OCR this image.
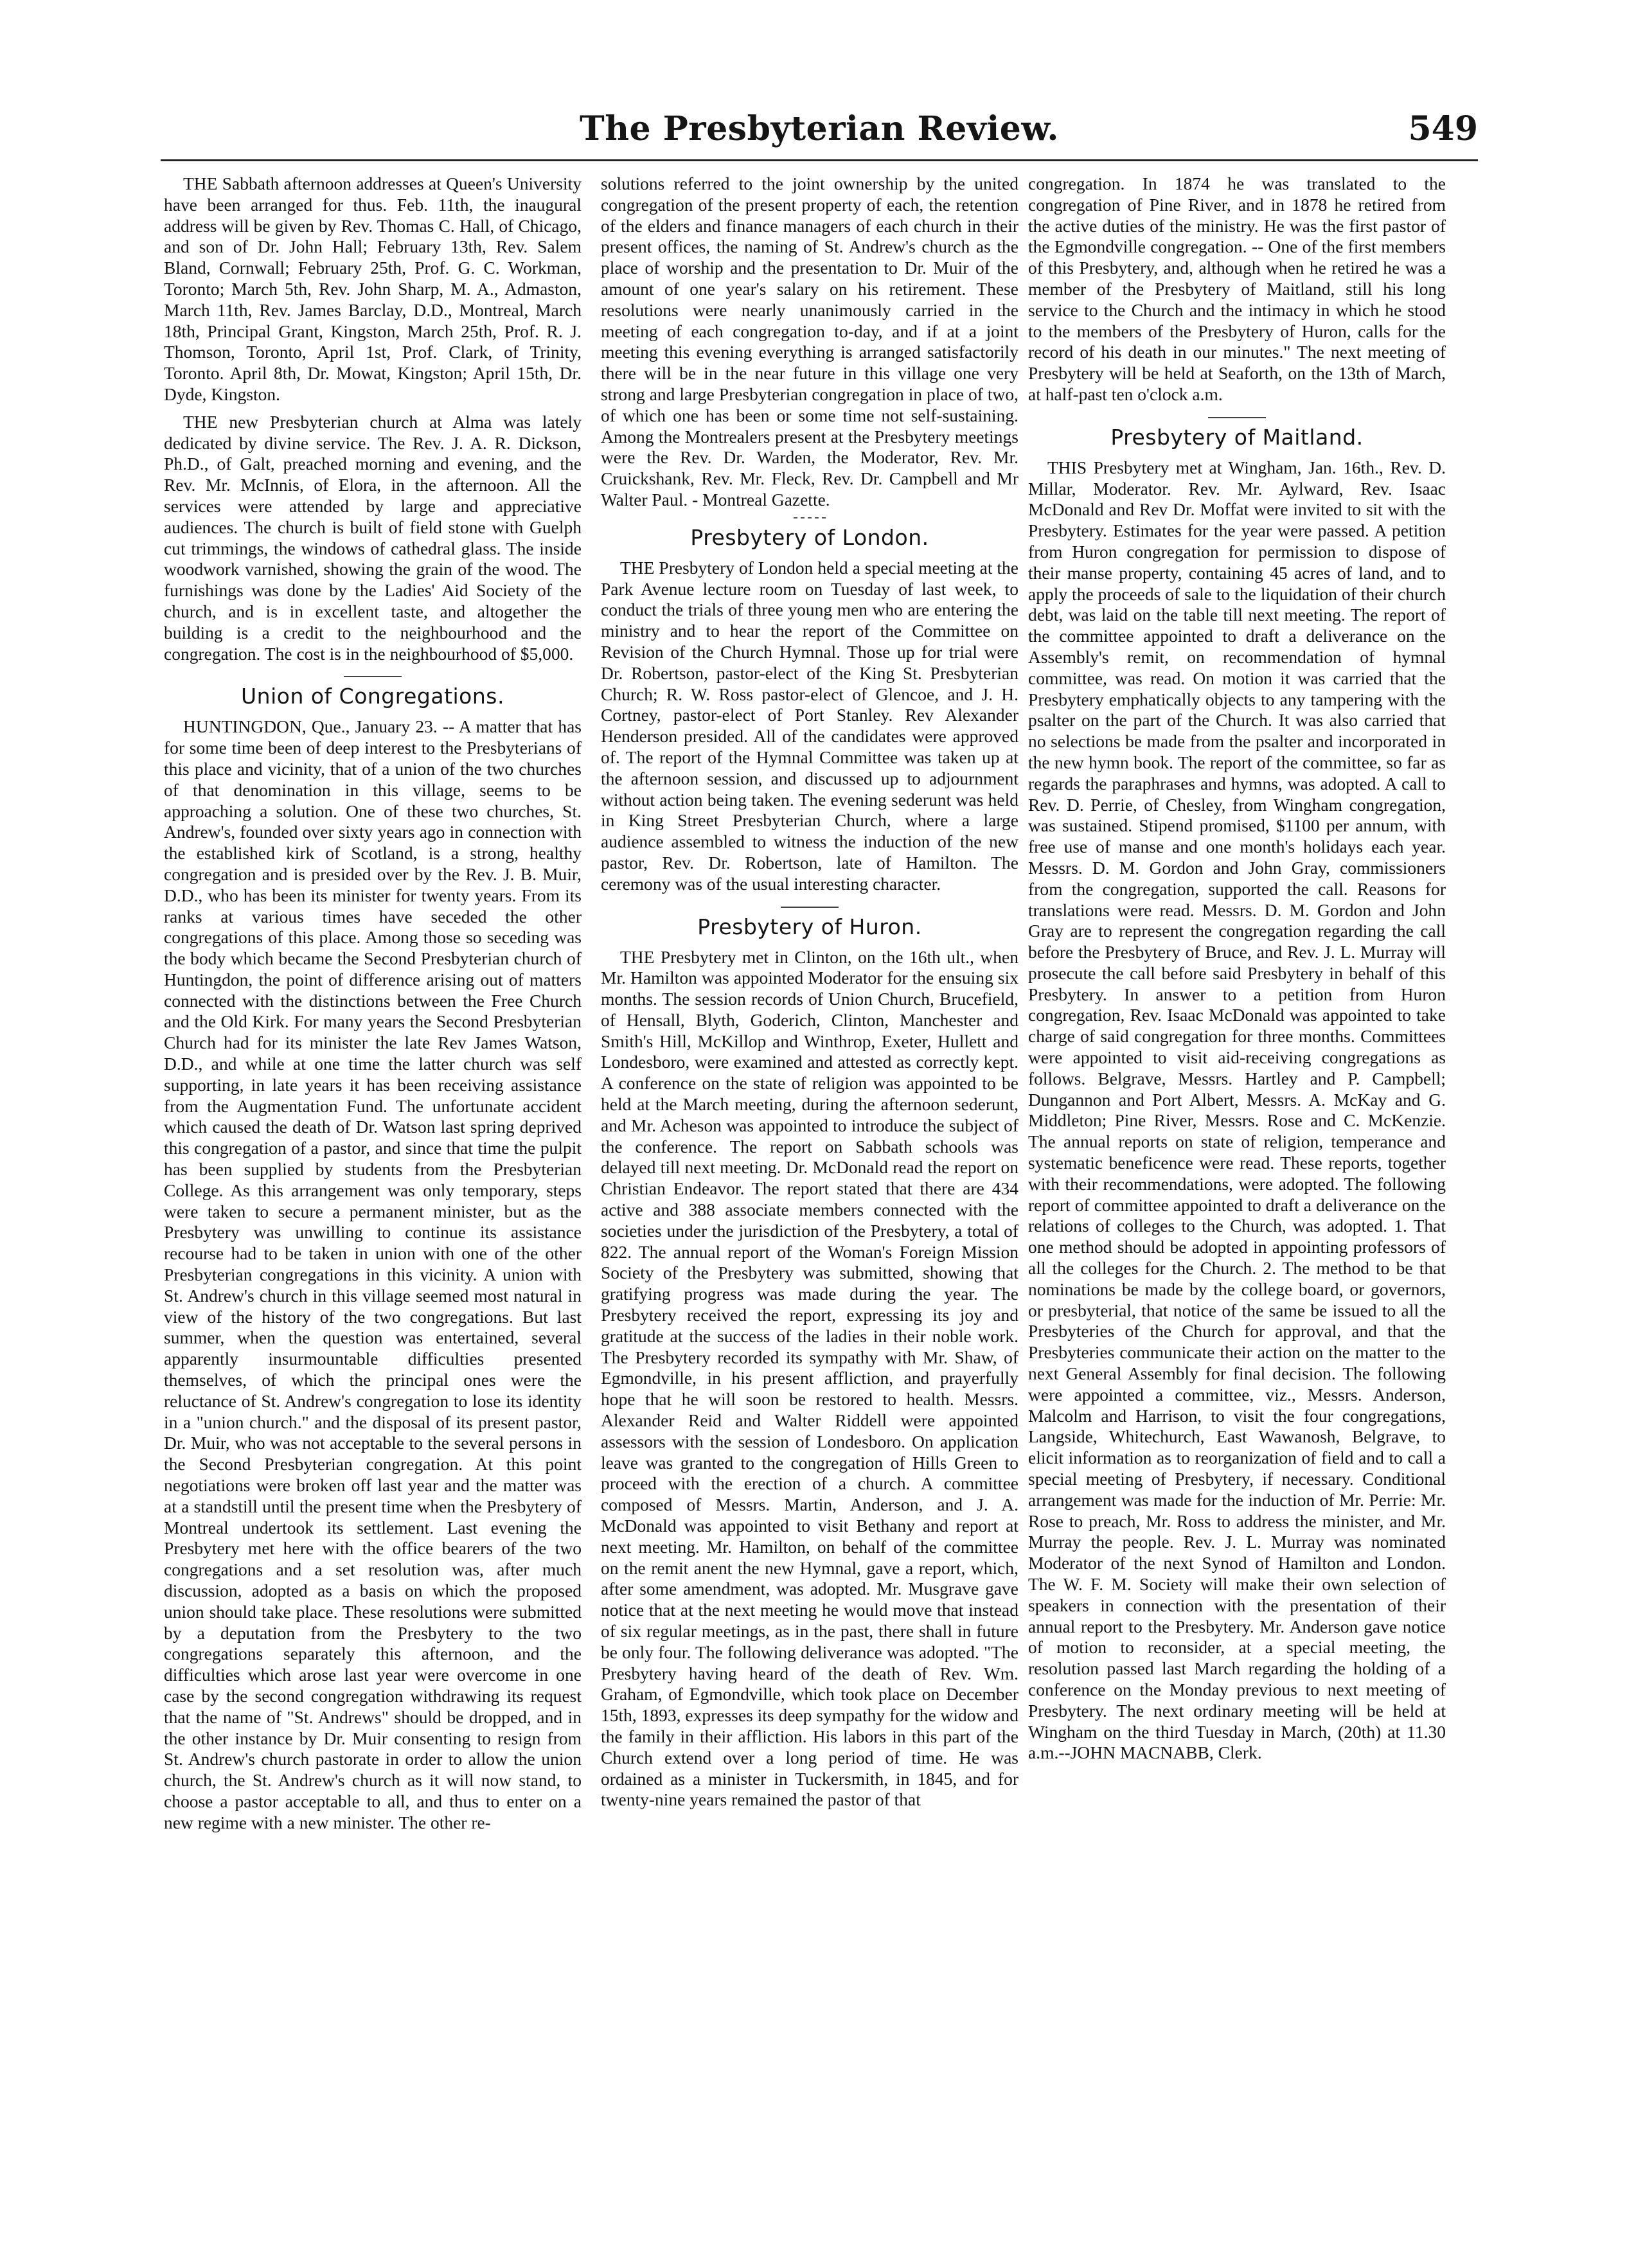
The Presbyterian Review.	549

THE Sabbath afternoon addresses at Queen's University have been arranged for thus. Feb. 11th, the inaugural address will be given by Rev. Thomas C. Hall, of Chicago, and son of Dr. John Hall; February 13th, Rev. Salem Bland, Cornwall; February 25th, Prof. G. C. Workman, Toronto; March 5th, Rev. John Sharp, M. A., Admaston, March 11th, Rev. James Barclay, D.D., Montreal, March 18th, Principal Grant, Kingston, March 25th, Prof. R. J. Thomson, Toronto, April 1st, Prof. Clark, of Trinity, Toronto. April 8th, Dr. Mowat, Kingston; April 15th, Dr. Dyde, Kingston.

THE new Presbyterian church at Alma was lately dedicated by divine service. The Rev. J. A. R. Dickson, Ph.D., of Galt, preached morning and evening, and the Rev. Mr. McInnis, of Elora, in the afternoon. All the services were attended by large and appreciative audiences. The church is built of field stone with Guelph cut trimmings, the windows of cathedral glass. The inside woodwork varnished, showing the grain of the wood. The furnishings was done by the Ladies' Aid Society of the church, and is in excellent taste, and altogether the building is a credit to the neighbourhood and the congregation. The cost is in the neighbourhood of $5,000.

Union of Congregations.

HUNTINGDON, Que., January 23. -- A matter that has for some time been of deep interest to the Presbyterians of this place and vicinity, that of a union of the two churches of that denomination in this village, seems to be approaching a solution. One of these two churches, St. Andrew's, founded over sixty years ago in connection with the established kirk of Scotland, is a strong, healthy congregation and is presided over by the Rev. J. B. Muir, D.D., who has been its minister for twenty years. From its ranks at various times have seceded the other congregations of this place. Among those so seceding was the body which became the Second Presbyterian church of Huntingdon, the point of difference arising out of matters connected with the distinctions between the Free Church and the Old Kirk. For many years the Second Presbyterian Church had for its minister the late Rev James Watson, D.D., and while at one time the latter church was self supporting, in late years it has been receiving assistance from the Augmentation Fund. The unfortunate accident which caused the death of Dr. Watson last spring deprived this congregation of a pastor, and since that time the pulpit has been supplied by students from the Presbyterian College. As this arrangement was only temporary, steps were taken to secure a permanent minister, but as the Presbytery was unwilling to continue its assistance recourse had to be taken in union with one of the other Presbyterian congregations in this vicinity. A union with St. Andrew's church in this village seemed most natural in view of the history of the two congregations. But last summer, when the question was entertained, several apparently insurmountable difficulties presented themselves, of which the principal ones were the reluctance of St. Andrew's congregation to lose its identity in a "union church." and the disposal of its present pastor, Dr. Muir, who was not acceptable to the several persons in the Second Presbyterian congregation. At this point negotiations were broken off last year and the matter was at a standstill until the present time when the Presbytery of Montreal undertook its settlement. Last evening the Presbytery met here with the office bearers of the two congregations and a set resolution was, after much discussion, adopted as a basis on which the proposed union should take place. These resolutions were submitted by a deputation from the Presbytery to the two congregations separately this afternoon, and the difficulties which arose last year were overcome in one case by the second congregation withdrawing its request that the name of "St. Andrews" should be dropped, and in the other instance by Dr. Muir consenting to resign from St. Andrew's church pastorate in order to allow the union church, the St. Andrew's church as it will now stand, to choose a pastor acceptable to all, and thus to enter on a new regime with a new minister. The other re-

solutions referred to the joint ownership by the united congregation of the present property of each, the retention of the elders and finance managers of each church in their present offices, the naming of St. Andrew's church as the place of worship and the presentation to Dr. Muir of the amount of one year's salary on his retirement. These resolutions were nearly unanimously carried in the meeting of each congregation to-day, and if at a joint meeting this evening everything is arranged satisfactorily there will be in the near future in this village one very strong and large Presbyterian congregation in place of two, of which one has been or some time not self-sustaining. Among the Montrealers present at the Presbytery meetings were the Rev. Dr. Warden, the Moderator, Rev. Mr. Cruickshank, Rev. Mr. Fleck, Rev. Dr. Campbell and Mr Walter Paul. - Montreal Gazette.

Presbytery of London.

THE Presbytery of London held a special meeting at the Park Avenue lecture room on Tuesday of last week, to conduct the trials of three young men who are entering the ministry and to hear the report of the Committee on Revision of the Church Hymnal. Those up for trial were Dr. Robertson, pastor-elect of the King St. Presbyterian Church; R. W. Ross pastor-elect of Glencoe, and J. H. Cortney, pastor-elect of Port Stanley. Rev Alexander Henderson presided. All of the candidates were approved of. The report of the Hymnal Committee was taken up at the afternoon session, and discussed up to adjournment without action being taken. The evening sederunt was held in King Street Presbyterian Church, where a large audience assembled to witness the induction of the new pastor, Rev. Dr. Robertson, late of Hamilton. The ceremony was of the usual interesting character.

Presbytery of Huron.

THE Presbytery met in Clinton, on the 16th ult., when Mr. Hamilton was appointed Moderator for the ensuing six months. The session records of Union Church, Brucefield, of Hensall, Blyth, Goderich, Clinton, Manchester and Smith's Hill, McKillop and Winthrop, Exeter, Hullett and Londesboro, were examined and attested as correctly kept. A conference on the state of religion was appointed to be held at the March meeting, during the afternoon sederunt, and Mr. Acheson was appointed to introduce the subject of the conference. The report on Sabbath schools was delayed till next meeting. Dr. McDonald read the report on Christian Endeavor. The report stated that there are 434 active and 388 associate members connected with the societies under the jurisdiction of the Presbytery, a total of 822. The annual report of the Woman's Foreign Mission Society of the Presbytery was submitted, showing that gratifying progress was made during the year. The Presbytery received the report, expressing its joy and gratitude at the success of the ladies in their noble work. The Presbytery recorded its sympathy with Mr. Shaw, of Egmondville, in his present affliction, and prayerfully hope that he will soon be restored to health. Messrs. Alexander Reid and Walter Riddell were appointed assessors with the session of Londesboro. On application leave was granted to the congregation of Hills Green to proceed with the erection of a church. A committee composed of Messrs. Martin, Anderson, and J. A. McDonald was appointed to visit Bethany and report at next meeting. Mr. Hamilton, on behalf of the committee on the remit anent the new Hymnal, gave a report, which, after some amendment, was adopted. Mr. Musgrave gave notice that at the next meeting he would move that instead of six regular meetings, as in the past, there shall in future be only four. The following deliverance was adopted. "The Presbytery having heard of the death of Rev. Wm. Graham, of Egmondville, which took place on December 15th, 1893, expresses its deep sympathy for the widow and the family in their affliction. His labors in this part of the Church extend over a long period of time. He was ordained as a minister in Tuckersmith, in 1845, and for twenty-nine years remained the pastor of that

congregation. In 1874 he was translated to the congregation of Pine River, and in 1878 he retired from the active duties of the ministry. He was the first pastor of the Egmondville congregation. -- One of the first members of this Presbytery, and, although when he retired he was a member of the Presbytery of Maitland, still his long service to the Church and the intimacy in which he stood to the members of the Presbytery of Huron, calls for the record of his death in our minutes." The next meeting of Presbytery will be held at Seaforth, on the 13th of March, at half-past ten o'clock a.m.

Presbytery of Maitland.

THIS Presbytery met at Wingham, Jan. 16th., Rev. D. Millar, Moderator. Rev. Mr. Aylward, Rev. Isaac McDonald and Rev Dr. Moffat were invited to sit with the Presbytery. Estimates for the year were passed. A petition from Huron congregation for permission to dispose of their manse property, containing 45 acres of land, and to apply the proceeds of sale to the liquidation of their church debt, was laid on the table till next meeting. The report of the committee appointed to draft a deliverance on the Assembly's remit, on recommendation of hymnal committee, was read. On motion it was carried that the Presbytery emphatically objects to any tampering with the psalter on the part of the Church. It was also carried that no selections be made from the psalter and incorporated in the new hymn book. The report of the committee, so far as regards the paraphrases and hymns, was adopted. A call to Rev. D. Perrie, of Chesley, from Wingham congregation, was sustained. Stipend promised, $1100 per annum, with free use of manse and one month's holidays each year. Messrs. D. M. Gordon and John Gray, commissioners from the congregation, supported the call. Reasons for translations were read. Messrs. D. M. Gordon and John Gray are to represent the congregation regarding the call before the Presbytery of Bruce, and Rev. J. L. Murray will prosecute the call before said Presbytery in behalf of this Presbytery. In answer to a petition from Huron congregation, Rev. Isaac McDonald was appointed to take charge of said congregation for three months. Committees were appointed to visit aid-receiving congregations as follows. Belgrave, Messrs. Hartley and P. Campbell; Dungannon and Port Albert, Messrs. A. McKay and G. Middleton; Pine River, Messrs. Rose and C. McKenzie. The annual reports on state of religion, temperance and systematic beneficence were read. These reports, together with their recommendations, were adopted. The following report of committee appointed to draft a deliverance on the relations of colleges to the Church, was adopted. 1. That one method should be adopted in appointing professors of all the colleges for the Church. 2. The method to be that nominations be made by the college board, or governors, or presbyterial, that notice of the same be issued to all the Presbyteries of the Church for approval, and that the Presbyteries communicate their action on the matter to the next General Assembly for final decision. The following were appointed a committee, viz., Messrs. Anderson, Malcolm and Harrison, to visit the four congregations, Langside, Whitechurch, East Wawanosh, Belgrave, to elicit information as to reorganization of field and to call a special meeting of Presbytery, if necessary. Conditional arrangement was made for the induction of Mr. Perrie: Mr. Rose to preach, Mr. Ross to address the minister, and Mr. Murray the people. Rev. J. L. Murray was nominated Moderator of the next Synod of Hamilton and London. The W. F. M. Society will make their own selection of speakers in connection with the presentation of their annual report to the Presbytery. Mr. Anderson gave notice of motion to reconsider, at a special meeting, the resolution passed last March regarding the holding of a conference on the Monday previous to next meeting of Presbytery. The next ordinary meeting will be held at Wingham on the third Tuesday in March, (20th) at 11.30 a.m.--JOHN MACNABB, Clerk.
